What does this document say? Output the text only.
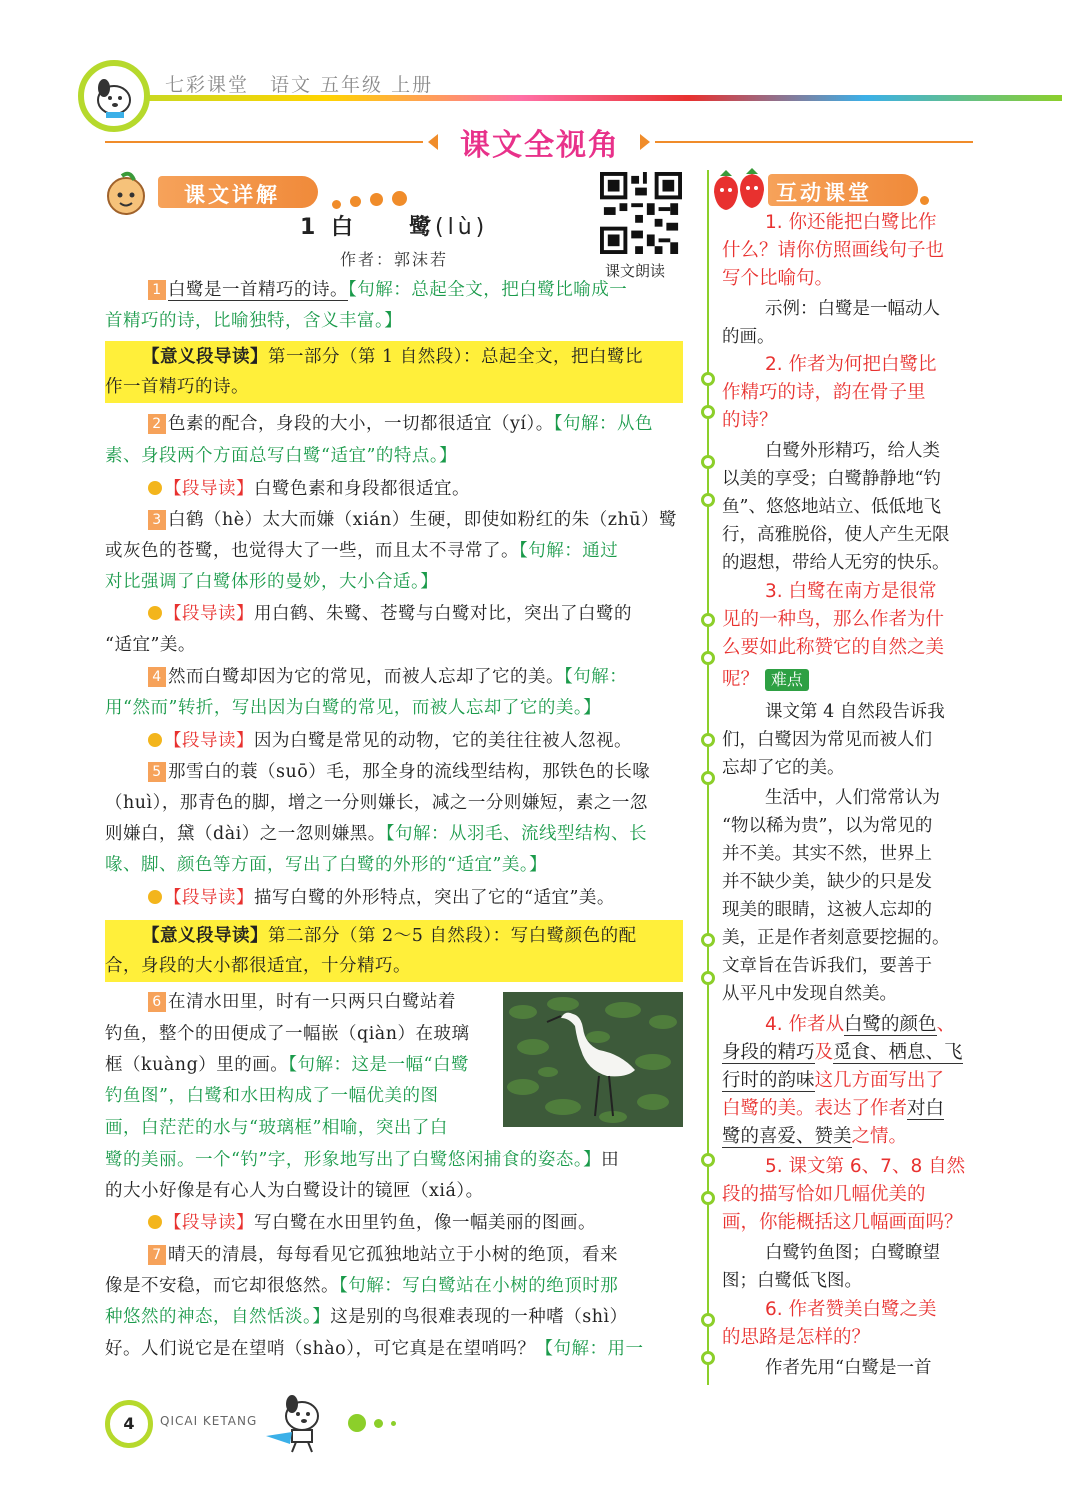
七彩课堂　语文 五年级 上册
课文全视角
课文详解
1 白　　鹭(lù)
作者：郭沫若
课文朗读
1 白鹭是一首精巧的诗。【句解：总起全文，把白鹭比喻成一
首精巧的诗，比喻独特，含义丰富。】
【意义段导读】第一部分（第 1 自然段）：总起全文，把白鹭比
作一首精巧的诗。
2 色素的配合，身段的大小，一切都很适宜（yí）。【句解：从色
素、身段两个方面总写白鹭“适宜”的特点。】
【段导读】白鹭色素和身段都很适宜。
3 白鹤（hè）太大而嫌（xián）生硬，即使如粉红的朱（zhū）鹭
或灰色的苍鹭，也觉得大了一些，而且太不寻常了。【句解：通过
对比强调了白鹭体形的曼妙，大小合适。】
【段导读】用白鹤、朱鹭、苍鹭与白鹭对比，突出了白鹭的
“适宜”美。
4 然而白鹭却因为它的常见，而被人忘却了它的美。【句解：
用“然而”转折，写出因为白鹭的常见，而被人忘却了它的美。】
【段导读】因为白鹭是常见的动物，它的美往往被人忽视。
5 那雪白的蓑（suō）毛，那全身的流线型结构，那铁色的长喙
（huì），那青色的脚，增之一分则嫌长，减之一分则嫌短，素之一忽
则嫌白，黛（dài）之一忽则嫌黑。【句解：从羽毛、流线型结构、长
喙、脚、颜色等方面，写出了白鹭的外形的“适宜”美。】
【段导读】描写白鹭的外形特点，突出了它的“适宜”美。
【意义段导读】第二部分（第 2～5 自然段）：写白鹭颜色的配
合，身段的大小都很适宜，十分精巧。
6 在清水田里，时有一只两只白鹭站着
钓鱼，整个的田便成了一幅嵌（qiàn）在玻璃
框（kuàng）里的画。【句解：这是一幅“白鹭
钓鱼图”，白鹭和水田构成了一幅优美的图
画，白茫茫的水与“玻璃框”相喻，突出了白
鹭的美丽。一个“钓”字，形象地写出了白鹭悠闲捕食的姿态。】田
的大小好像是有心人为白鹭设计的镜匣（xiá）。
【段导读】写白鹭在水田里钓鱼，像一幅美丽的图画。
7 晴天的清晨，每每看见它孤独地站立于小树的绝顶，看来
像是不安稳，而它却很悠然。【句解：写白鹭站在小树的绝顶时那
种悠然的神态，自然恬淡。】这是别的鸟很难表现的一种嗜（shì）
好。人们说它是在望哨（shào），可它真是在望哨吗？【句解：用一
互动课堂
1. 你还能把白鹭比作
什么？请你仿照画线句子也
写个比喻句。
示例：白鹭是一幅动人
的画。
2. 作者为何把白鹭比
作精巧的诗，韵在骨子里
的诗？
白鹭外形精巧，给人类
以美的享受；白鹭静静地“钓
鱼”、悠悠地站立、低低地飞
行，高雅脱俗，使人产生无限
的遐想，带给人无穷的快乐。
3. 白鹭在南方是很常
见的一种鸟，那么作者为什
么要如此称赞它的自然之美
呢？ 难点
课文第 4 自然段告诉我
们，白鹭因为常见而被人们
忘却了它的美。
生活中，人们常常认为
“物以稀为贵”，以为常见的
并不美。其实不然，世界上
并不缺少美，缺少的只是发
现美的眼睛，这被人忘却的
美，正是作者刻意要挖掘的。
文章旨在告诉我们，要善于
从平凡中发现自然美。
4. 作者从白鹭的颜色、
身段的精巧及觅食、栖息、飞
行时的韵味这几方面写出了
白鹭的美。表达了作者对白
鹭的喜爱、赞美之情。
5. 课文第 6、7、8 自然
段的描写恰如几幅优美的
画，你能概括这几幅画面吗？
白鹭钓鱼图；白鹭瞭望
图；白鹭低飞图。
6. 作者赞美白鹭之美
的思路是怎样的？
作者先用“白鹭是一首
4	QICAI KETANG
